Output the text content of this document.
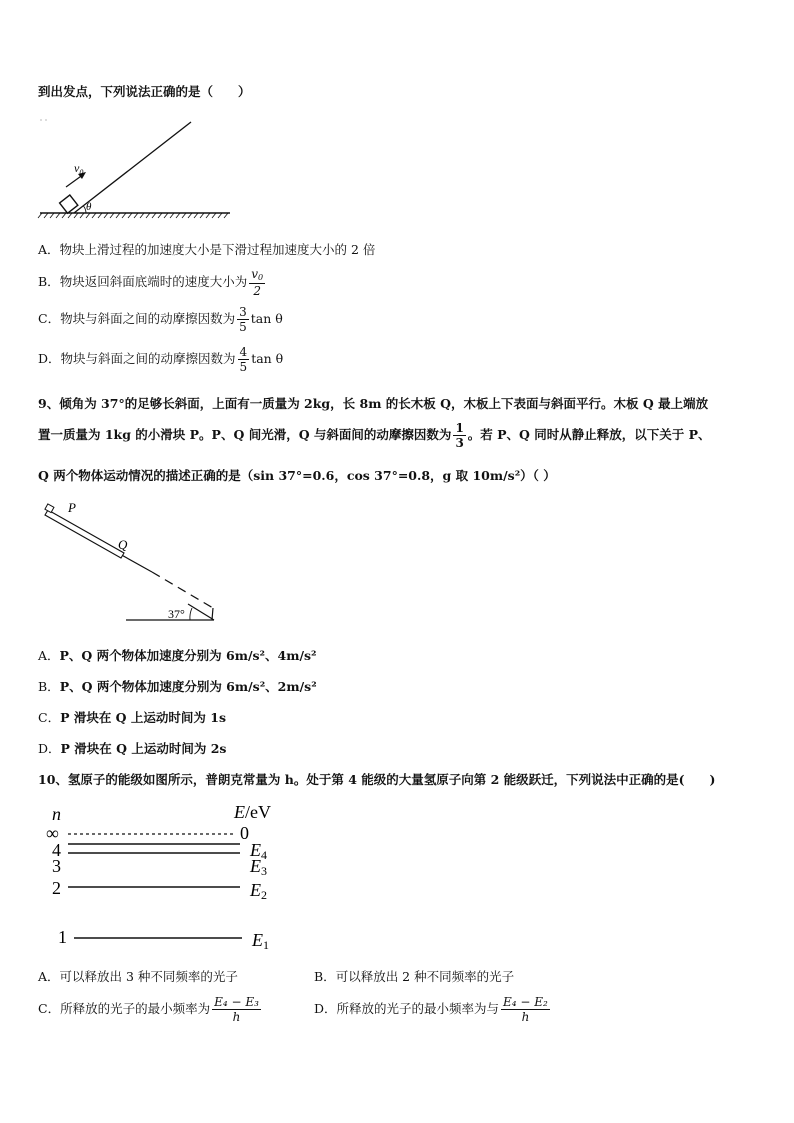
到出发点，下列说法正确的是（　　）
$v_0$
θ
A．物块上滑过程的加速度大小是下滑过程加速度大小的 2 倍
B．物块返回斜面底端时的速度大小为 $\frac{v_0}{2}$
C．物块与斜面之间的动摩擦因数为 $\frac{3}{5}$ tan θ
D．物块与斜面之间的动摩擦因数为 $\frac{4}{5}$ tan θ
9、倾角为 37°的足够长斜面，上面有一质量为 2kg，长 8m 的长木板 Q，木板上下表面与斜面平行。木板 Q 最上端放
置一质量为 1kg 的小滑块 P。P、Q 间光滑，Q 与斜面间的动摩擦因数为 $\frac{1}{3}$ 。若 P、Q 同时从静止释放，以下关于 P、
Q 两个物体运动情况的描述正确的是（sin 37°=0.6，cos 37°=0.8，g 取 10m/s²）（ ）
P
Q
37°
A．P、Q 两个物体加速度分别为 6m/s²、4m/s²
B．P、Q 两个物体加速度分别为 6m/s²、2m/s²
C．P 滑块在 Q 上运动时间为 1s
D．P 滑块在 Q 上运动时间为 2s
10、氢原子的能级如图所示，普朗克常量为 h。处于第 4 能级的大量氢原子向第 2 能级跃迁，下列说法中正确的是(　　)
n	E/eV
∞	0
4	E4
3	E3
2	E2
1	E1
A．可以释放出 3 种不同频率的光子	B．可以释放出 2 种不同频率的光子
C．所释放的光子的最小频率为 $\frac{\text{E₄ − E₃}}{h}$	D．所释放的光子的最小频率为与 $\frac{\text{E₄ − E₂}}{h}$
